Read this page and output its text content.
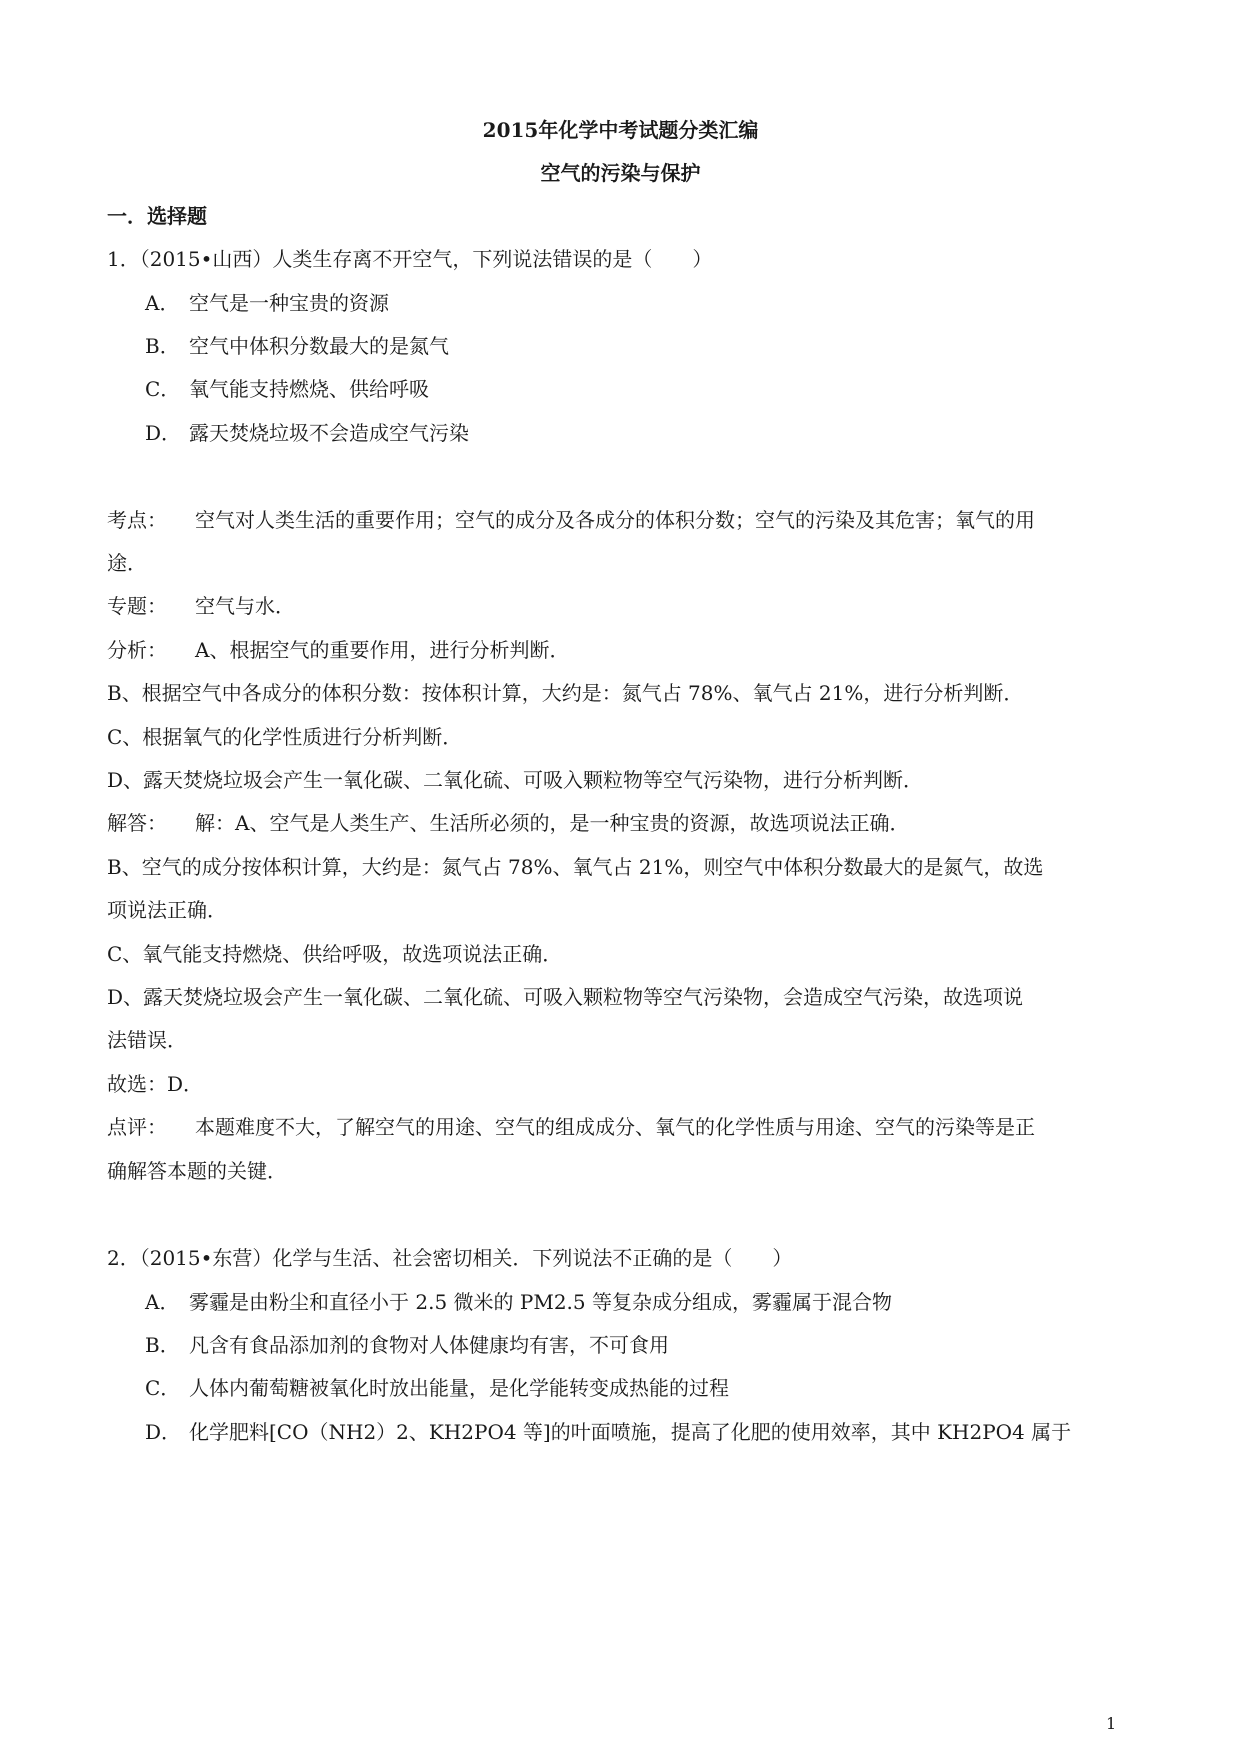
2015年化学中考试题分类汇编
空气的污染与保护
一．选择题
1．（2015•山西）人类生存离不开空气，下列说法错误的是（　　）
A． 空气是一种宝贵的资源
B． 空气中体积分数最大的是氮气
C． 氧气能支持燃烧、供给呼吸
D． 露天焚烧垃圾不会造成空气污染
考点： 空气对人类生活的重要作用；空气的成分及各成分的体积分数；空气的污染及其危害；氧气的用
途．
专题： 空气与水．
分析： A、根据空气的重要作用，进行分析判断．
B、根据空气中各成分的体积分数：按体积计算，大约是：氮气占 78%、氧气占 21%，进行分析判断．
C、根据氧气的化学性质进行分析判断．
D、露天焚烧垃圾会产生一氧化碳、二氧化硫、可吸入颗粒物等空气污染物，进行分析判断．
解答： 解：A、空气是人类生产、生活所必须的，是一种宝贵的资源，故选项说法正确．
B、空气的成分按体积计算，大约是：氮气占 78%、氧气占 21%，则空气中体积分数最大的是氮气，故选
项说法正确．
C、氧气能支持燃烧、供给呼吸，故选项说法正确．
D、露天焚烧垃圾会产生一氧化碳、二氧化硫、可吸入颗粒物等空气污染物，会造成空气污染，故选项说
法错误．
故选：D．
点评： 本题难度不大，了解空气的用途、空气的组成成分、氧气的化学性质与用途、空气的污染等是正
确解答本题的关键．
2．（2015•东营）化学与生活、社会密切相关．下列说法不正确的是（　　）
A． 雾霾是由粉尘和直径小于 2.5 微米的 PM2.5 等复杂成分组成，雾霾属于混合物
B． 凡含有食品添加剂的食物对人体健康均有害，不可食用
C． 人体内葡萄糖被氧化时放出能量，是化学能转变成热能的过程
D． 化学肥料[CO（NH2）2、KH2PO4 等]的叶面喷施，提高了化肥的使用效率，其中 KH2PO4 属于
1
